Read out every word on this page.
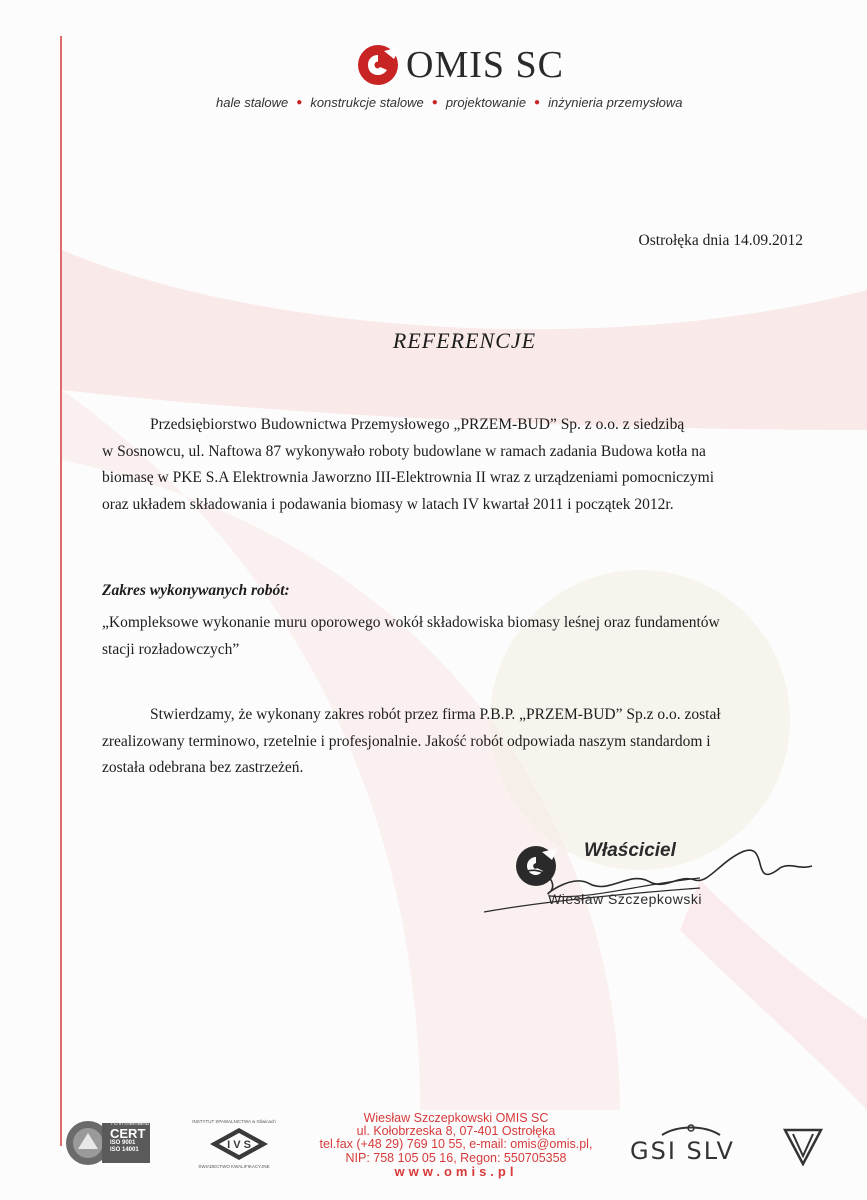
OMIS SC
hale stalowe ● konstrukcje stalowe ● projektowanie ● inżynieria przemysłowa
Ostrołęka dnia 14.09.2012
REFERENCJE
Przedsiębiorstwo Budownictwa Przemysłowego „PRZEM-BUD” Sp. z o.o. z siedzibą
w Sosnowcu, ul. Naftowa 87 wykonywało roboty budowlane w ramach zadania Budowa kotła na
biomasę w PKE S.A Elektrownia Jaworzno III-Elektrownia II wraz z urządzeniami pomocniczymi
oraz układem składowania i podawania biomasy w latach IV kwartał 2011 i początek 2012r.
Zakres wykonywanych robót:
„Kompleksowe wykonanie muru oporowego wokół składowiska biomasy leśnej oraz fundamentów
stacji rozładowczych”
Stwierdzamy, że wykonany zakres robót przez firma P.B.P. „PRZEM-BUD” Sp.z o.o. został
zrealizowany terminowo, rzetelnie i profesjonalnie. Jakość robót odpowiada naszym standardom i
została odebrana bez zastrzeżeń.
Właściciel
Wiesław Szczepkowski
TÜVRheinland
CERT
ISO 9001
ISO 14001
INSTYTUT SPAWALNICTWA w Gliwicach
I V S
ŚWIADECTWO KWALIFIKACYJNE
Wiesław Szczepkowski OMIS SC
ul. Kołobrzeska 8, 07-401 Ostrołęka
tel.fax (+48 29) 769 10 55, e-mail: omis@omis.pl,
NIP: 758 105 05 16, Regon: 550705358
www.omis.pl
GSI SLV
